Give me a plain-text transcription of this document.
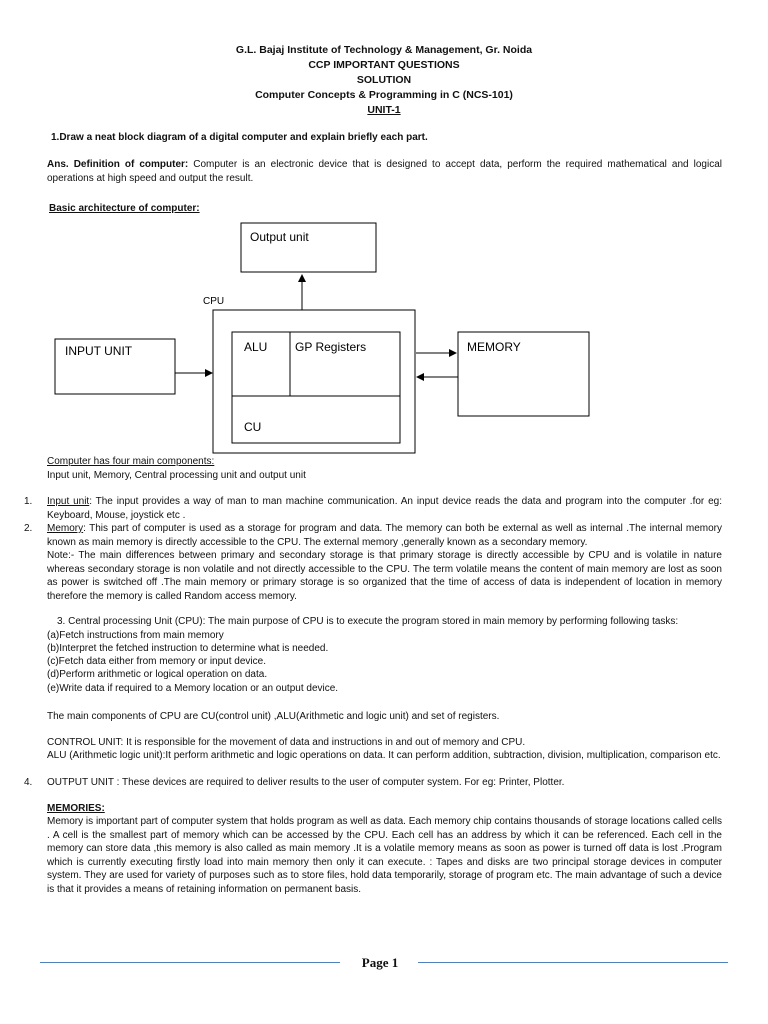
G.L. Bajaj Institute of Technology & Management, Gr. Noida
CCP IMPORTANT QUESTIONS
SOLUTION
Computer Concepts & Programming in C (NCS-101)
UNIT-1
1.Draw a neat block diagram of a digital computer and explain briefly each part.
Ans. Definition of computer: Computer is an electronic device that is designed to accept data, perform the required mathematical and logical operations at high speed and output the result.
Basic architecture of computer:
Output unit
CPU
INPUT UNIT	ALU GP Registers
CU
MEMORY
Computer has four main components:
Input unit, Memory, Central processing unit and output unit
1. Input unit: The input provides a way of man to man machine communication. An input device reads the data and program into the computer .for eg: Keyboard, Mouse, joystick etc .
2. Memory: This part of computer is used as a storage for program and data. The memory can both be external as well as internal .The internal memory known as main memory is directly accessible to the CPU. The external memory ,generally known as a secondary memory.
Note:- The main differences between primary and secondary storage is that primary storage is directly accessible by CPU and is volatile in nature whereas secondary storage is non volatile and not directly accessible to the CPU. The term volatile means the content of main memory are lost as soon as power is switched off .The main memory or primary storage is so organized that the time of access of data is independent of location in memory therefore the memory is called Random access memory.
3. Central processing Unit (CPU): The main purpose of CPU is to execute the program stored in main memory by performing following tasks:
(a)Fetch instructions from main memory
(b)Interpret the fetched instruction to determine what is needed.
(c)Fetch data either from memory or input device.
(d)Perform arithmetic or logical operation on data.
(e)Write data if required to a Memory location or an output device.
The main components of CPU are CU(control unit) ,ALU(Arithmetic and logic unit) and set of registers.
CONTROL UNIT: It is responsible for the movement of data and instructions in and out of memory and CPU.
ALU (Arithmetic logic unit):It perform arithmetic and logic operations on data. It can perform addition, subtraction, division, multiplication, comparison etc.
4. OUTPUT UNIT : These devices are required to deliver results to the user of computer system. For eg: Printer, Plotter.
MEMORIES:
Memory is important part of computer system that holds program as well as data. Each memory chip contains thousands of storage locations called cells . A cell is the smallest part of memory which can be accessed by the CPU. Each cell has an address by which it can be referenced. Each cell in the memory can store data ,this memory is also called as main memory .It is a volatile memory means as soon as power is turned off data is lost .Program which is currently executing firstly load into main memory then only it can execute. : Tapes and disks are two principal storage devices in computer system. They are used for variety of purposes such as to store files, hold data temporarily, storage of program etc. The main advantage of such a device is that it provides a means of retaining information on permanent basis.
Page 1
